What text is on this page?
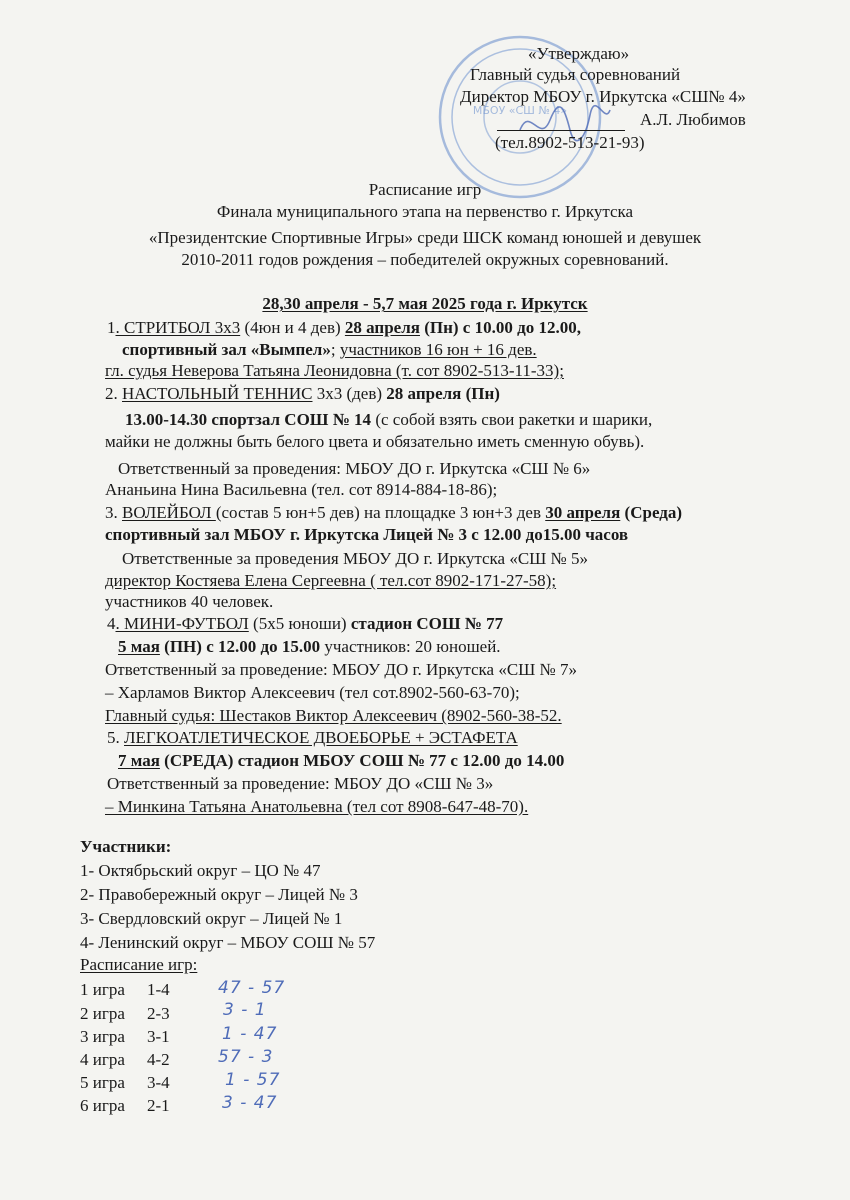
МБОУ «СШ № 4»
«Утверждаю»
Главный судья соревнований
Директор МБОУ г. Иркутска «СШ№ 4»
А.Л. Любимов
(тел.8902-513-21-93)
Расписание игр
Финала муниципального этапа на первенство г. Иркутска
«Президентские Спортивные Игры» среди ШСК команд юношей и девушек
2010-2011 годов рождения – победителей окружных соревнований.
28,30 апреля - 5,7 мая 2025 года г. Иркутск
1. СТРИТБОЛ 3х3 (4юн и 4 дев) 28 апреля (Пн) с 10.00 до 12.00,
спортивный зал «Вымпел»; участников 16 юн + 16 дев.
гл. судья Неверова Татьяна Леонидовна (т. сот 8902-513-11-33);
2. НАСТОЛЬНЫЙ ТЕННИС 3х3 (дев) 28 апреля (Пн)
13.00-14.30 спортзал СОШ № 14 (с собой взять свои ракетки и шарики,
майки не должны быть белого цвета и обязательно иметь сменную обувь).
Ответственный за проведения: МБОУ ДО г. Иркутска «СШ № 6»
Ананьина Нина Васильевна (тел. сот 8914-884-18-86);
3. ВОЛЕЙБОЛ (состав 5 юн+5 дев) на площадке 3 юн+3 дев 30 апреля (Среда)
спортивный зал МБОУ г. Иркутска Лицей № 3 с 12.00 до15.00 часов
Ответственные за проведения МБОУ ДО г. Иркутска «СШ № 5»
директор Костяева Елена Сергеевна ( тел.сот 8902-171-27-58);
участников 40 человек.
4. МИНИ-ФУТБОЛ (5х5 юноши) стадион СОШ № 77
5 мая (ПН) с 12.00 до 15.00 участников: 20 юношей.
Ответственный за проведение: МБОУ ДО г. Иркутска «СШ № 7»
– Харламов Виктор Алексеевич (тел сот.8902-560-63-70);
Главный судья: Шестаков Виктор Алексеевич (8902-560-38-52.
5. ЛЕГКОАТЛЕТИЧЕСКОЕ ДВОЕБОРЬЕ + ЭСТАФЕТА
7 мая (СРЕДА) стадион МБОУ СОШ № 77 с 12.00 до 14.00
Ответственный за проведение: МБОУ ДО «СШ № 3»
– Минкина Татьяна Анатольевна (тел сот 8908-647-48-70).
Участники:
1- Октябрьский округ – ЦО № 47
2- Правобережный округ – Лицей № 3
3- Свердловский округ – Лицей № 1
4- Ленинский округ – МБОУ СОШ № 57
Расписание игр:
1 игра 1-4	47 - 57
2 игра 2-3	3 - 1
3 игра 3-1	1 - 47
4 игра 4-2	57 - 3
5 игра 3-4	1 - 57
6 игра 2-1	3 - 47
